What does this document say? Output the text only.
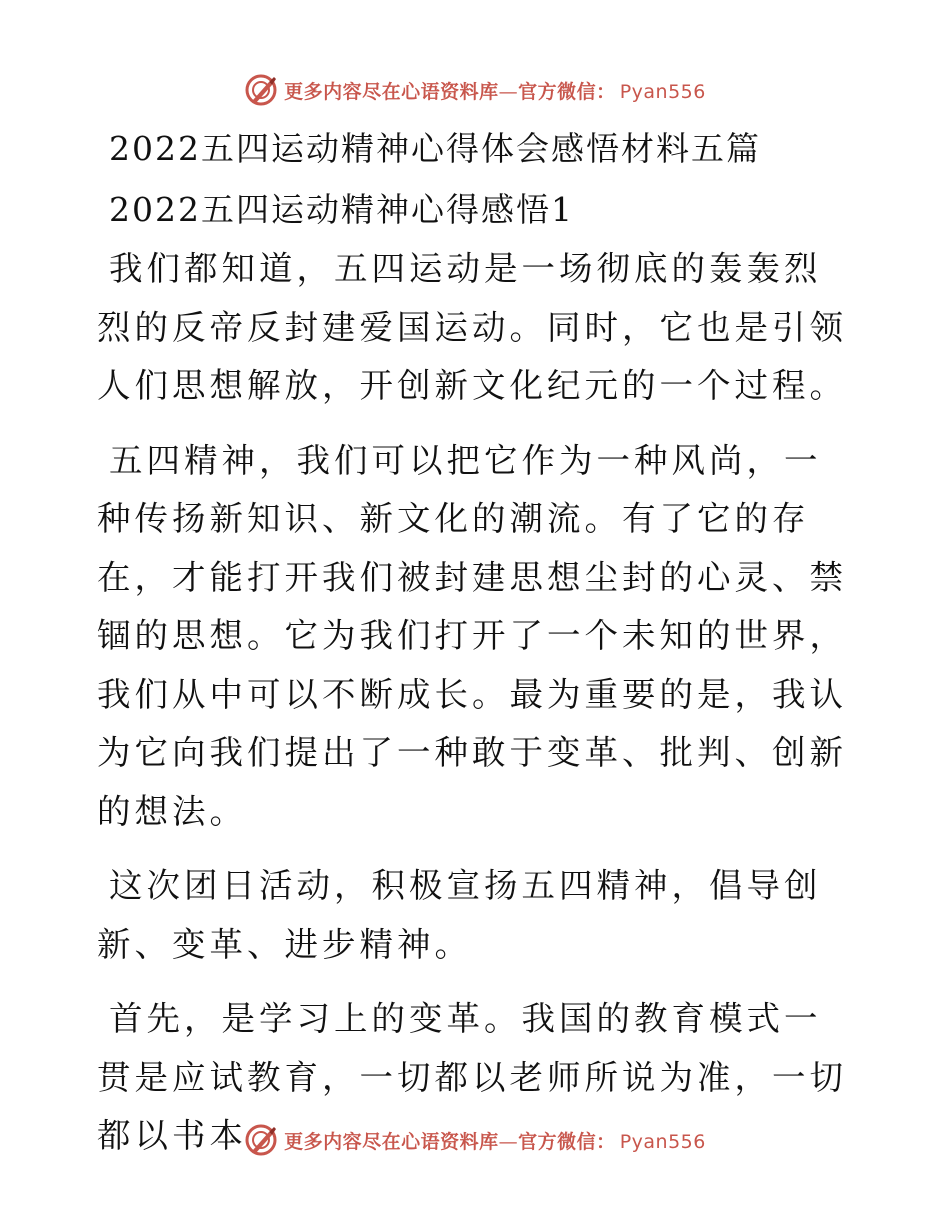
更多内容尽在心语资料库—官方微信： Pyan556
2022五四运动精神心得体会感悟材料五篇
2022五四运动精神心得感悟1

我们都知道，五四运动是一场彻底的轰轰烈烈的反帝反封建爱国运动。同时，它也是引领人们思想解放，开创新文化纪元的一个过程。

五四精神，我们可以把它作为一种风尚，一种传扬新知识、新文化的潮流。有了它的存在，才能打开我们被封建思想尘封的心灵、禁锢的思想。它为我们打开了一个未知的世界，我们从中可以不断成长。最为重要的是，我认为它向我们提出了一种敢于变革、批判、创新的想法。

这次团日活动，积极宣扬五四精神，倡导创新、变革、进步精神。

首先，是学习上的变革。我国的教育模式一贯是应试教育，一切都以老师所说为准，一切都以书本	更多内容尽在心语资料库—官方微信： Pyan556
